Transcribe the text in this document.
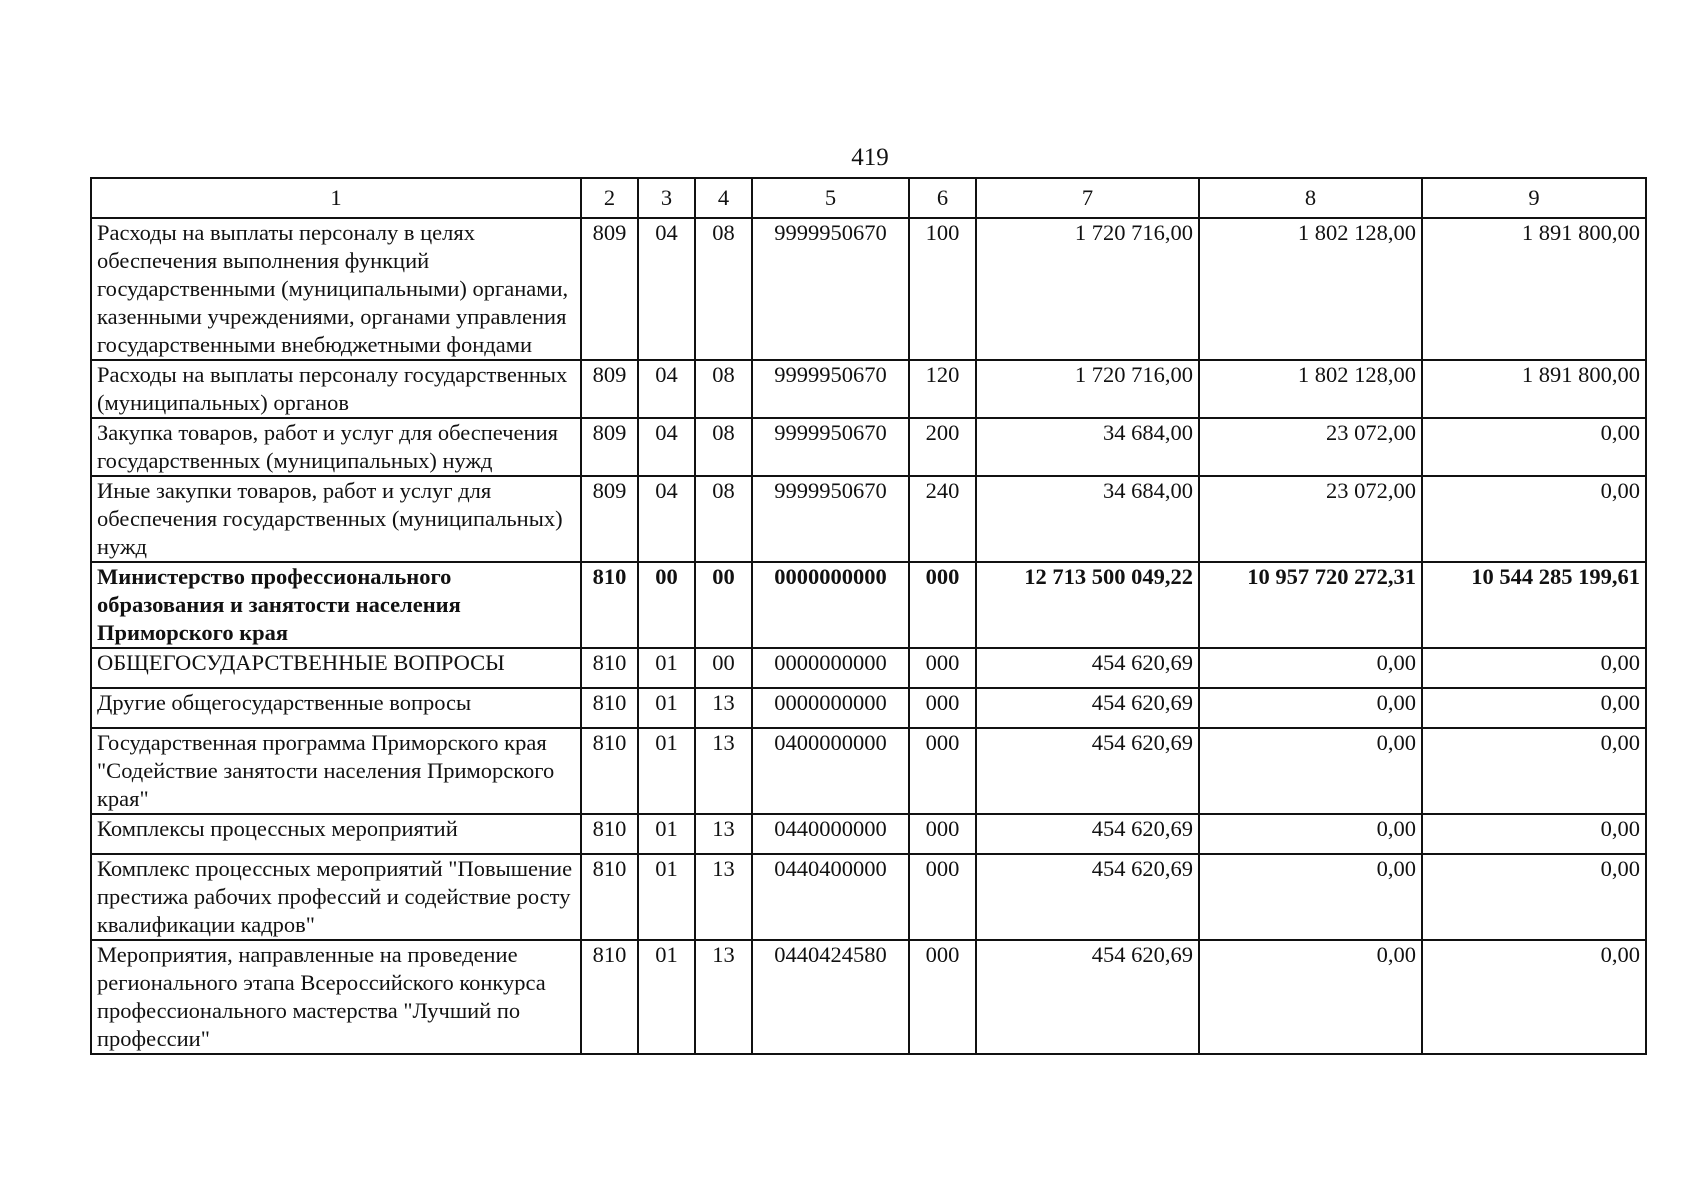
419
1	2	3	4	5	6	7	8	9
Расходы на выплаты персоналу в целях обеспечения выполнения функций государственными (муниципальными) органами, казенными учреждениями, органами управления государственными внебюджетными фондами	809	04	08	9999950670	100	1 720 716,00	1 802 128,00	1 891 800,00
Расходы на выплаты персоналу государственных (муниципальных) органов	809	04	08	9999950670	120	1 720 716,00	1 802 128,00	1 891 800,00
Закупка товаров, работ и услуг для обеспечения государственных (муниципальных) нужд	809	04	08	9999950670	200	34 684,00	23 072,00	0,00
Иные закупки товаров, работ и услуг для обеспечения государственных (муниципальных) нужд	809	04	08	9999950670	240	34 684,00	23 072,00	0,00
Министерство профессионального образования и занятости населения Приморского края	810	00	00	0000000000	000	12 713 500 049,22	10 957 720 272,31	10 544 285 199,61
ОБЩЕГОСУДАРСТВЕННЫЕ ВОПРОСЫ	810	01	00	0000000000	000	454 620,69	0,00	0,00
Другие общегосударственные вопросы	810	01	13	0000000000	000	454 620,69	0,00	0,00
Государственная программа Приморского края "Содействие занятости населения Приморского края"	810	01	13	0400000000	000	454 620,69	0,00	0,00
Комплексы процессных мероприятий	810	01	13	0440000000	000	454 620,69	0,00	0,00
Комплекс процессных мероприятий "Повышение престижа рабочих профессий и содействие росту квалификации кадров"	810	01	13	0440400000	000	454 620,69	0,00	0,00
Мероприятия, направленные на проведение регионального этапа Всероссийского конкурса профессионального мастерства "Лучший по профессии"	810	01	13	0440424580	000	454 620,69	0,00	0,00
